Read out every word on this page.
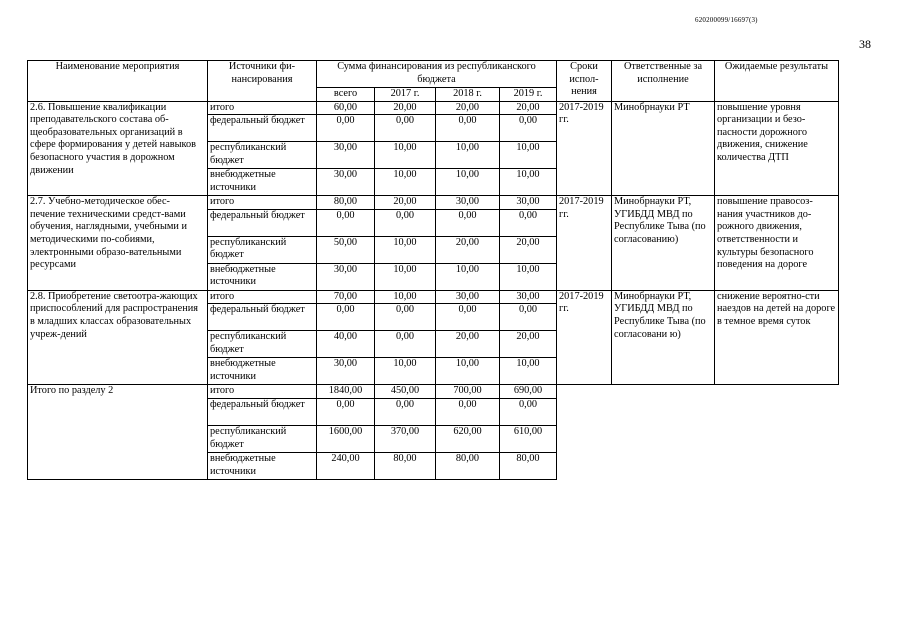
620200099/16697(3)
38
Наименование мероприятия	Источники фи-нансирования	Сумма финансирования из республиканского бюджета				Сроки испол-нения	Ответственные за исполнение	Ожидаемые результаты
		всего	2017 г.	2018 г.	2019 г.			
2.6. Повышение квалификации преподавательского состава об-щеобразовательных организаций в сфере формирования у детей навыков безопасного участия в дорожном движении	итого	60,00	20,00	20,00	20,00	2017-2019 гг.	Минобрнауки РТ	повышение уровня организации и безо-пасности дорожного движения, снижение количества ДТП
	федеральный бюджет	0,00	0,00	0,00	0,00			
	республиканский бюджет	30,00	10,00	10,00	10,00			
	внебюджетные источники	30,00	10,00	10,00	10,00			
2.7. Учебно-методическое обес-печение техническими средст-вами обучения, наглядными, учебными и методическими по-собиями, электронными образо-вательными ресурсами	итого	80,00	20,00	30,00	30,00	2017-2019 гг.	Минобрнауки РТ, УГИБДД МВД по Республике Тыва (по согласованию)	повышение правосоз-нания участников до-рожного движения, ответственности и культуры безопасного поведения на дороге
	федеральный бюджет	0,00	0,00	0,00	0,00			
	республиканский бюджет	50,00	10,00	20,00	20,00			
	внебюджетные источники	30,00	10,00	10,00	10,00			
2.8. Приобретение светоотра-жающих приспособлений для распространения в младших классах образовательных учреж-дений	итого	70,00	10,00	30,00	30,00	2017-2019 гг.	Минобрнауки РТ, УГИБДД МВД по Республике Тыва (по согласовани ю)	снижение вероятно-сти наездов на детей на дороге в темное время суток
	федеральный бюджет	0,00	0,00	0,00	0,00			
	республиканский бюджет	40,00	0,00	20,00	20,00			
	внебюджетные источники	30,00	10,00	10,00	10,00			
Итого по разделу 2	итого	1840,00	450,00	700,00	690,00			
	федеральный бюджет	0,00	0,00	0,00	0,00			
	республиканский бюджет	1600,00	370,00	620,00	610,00			
	внебюджетные источники	240,00	80,00	80,00	80,00			
